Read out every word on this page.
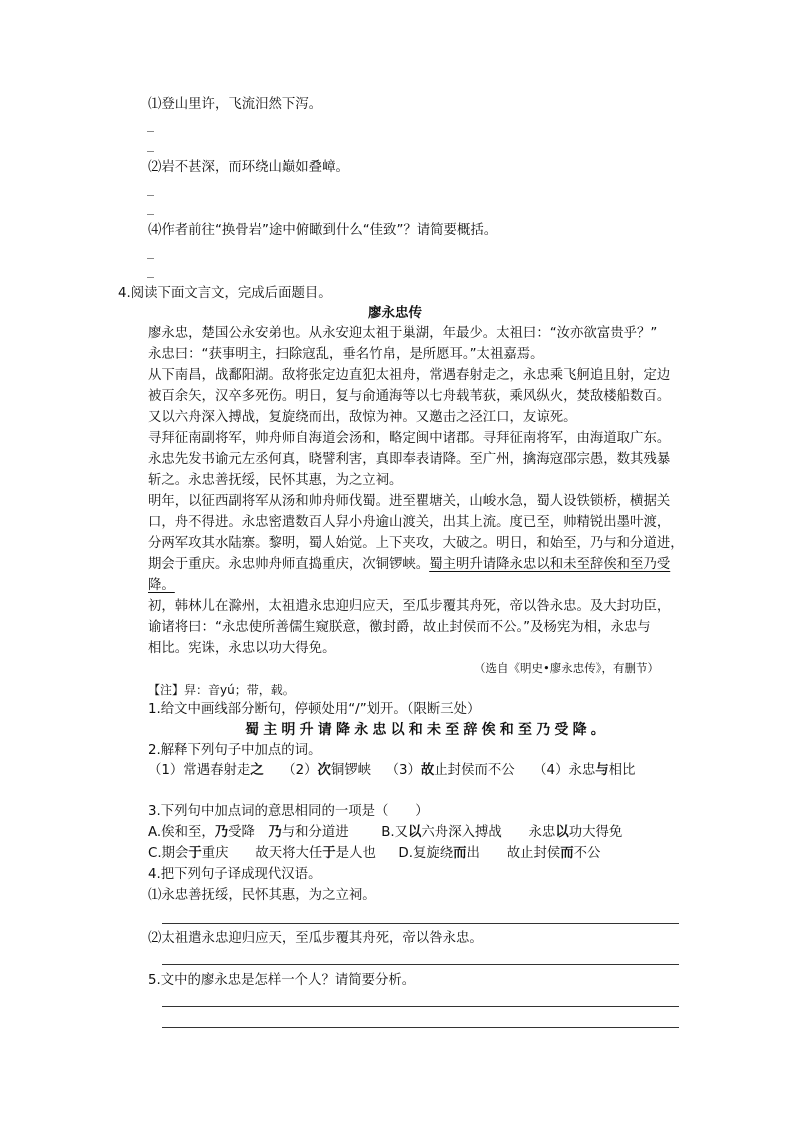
⑴登山里许，飞流汨然下泻。
⑵岩不甚深，而环绕山巅如叠嶂。
⑷作者前往“换骨岩”途中俯瞰到什么“佳致”？请简要概括。
4.阅读下面文言文，完成后面题目。
廖永忠传
廖永忠，楚国公永安弟也。从永安迎太祖于巢湖，年最少。太祖曰：“汝亦欲富贵乎？”
永忠曰：“获事明主，扫除寇乱，垂名竹帛，是所愿耳。”太祖嘉焉。
从下南昌，战鄱阳湖。敌将张定边直犯太祖舟，常遇春射走之，永忠乘飞舸追且射，定边
被百余矢，汉卒多死伤。明日，复与俞通海等以七舟载苇荻，乘风纵火，焚敌楼船数百。
又以六舟深入搏战，复旋绕而出，敌惊为神。又邀击之泾江口，友谅死。
寻拜征南副将军，帅舟师自海道会汤和，略定闽中诸郡。寻拜征南将军，由海道取广东。
永忠先发书谕元左丞何真，晓譬利害，真即奉表请降。至广州，擒海寇邵宗愚，数其残暴
斩之。永忠善抚绥，民怀其惠，为之立祠。
明年，以征西副将军从汤和帅舟师伐蜀。进至瞿塘关，山峻水急，蜀人设铁锁桥，横据关
口，舟不得进。永忠密遣数百人舁小舟逾山渡关，出其上流。度已至，帅精锐出墨叶渡，
分两军攻其水陆寨。黎明，蜀人始觉。上下夹攻，大破之。明日，和始至，乃与和分道进，
期会于重庆。永忠帅舟师直捣重庆，次铜锣峡。蜀主明升请降永忠以和未至辞俟和至乃受
降。
初，韩林儿在滁州，太祖遣永忠迎归应天，至瓜步覆其舟死，帝以咎永忠。及大封功臣，
谕诸将曰：“永忠使所善儒生窥朕意，徼封爵，故止封侯而不公。”及杨宪为相，永忠与
相比。宪诛，永忠以功大得免。
（选自《明史•廖永忠传》，有删节）
【注】舁：音yú；带，载。
1.给文中画线部分断句，停顿处用“/”划开。（限断三处）
蜀主明升请降永忠以和未至辞俟和至乃受降。
2.解释下列句子中加点的词。
（1）常遇春射走之 （2）次铜锣峡 （3）故止封侯而不公 （4）永忠与相比
3.下列句中加点词的意思相同的一项是（　　）
A.俟和至，乃受降　乃与和分道进 B.又以六舟深入搏战　　永忠以功大得免
C.期会于重庆　　故天将大任于是人也 D.复旋绕而出　　故止封侯而不公
4.把下列句子译成现代汉语。
⑴永忠善抚绥，民怀其惠，为之立祠。
⑵太祖遣永忠迎归应天，至瓜步覆其舟死，帝以咎永忠。
5.文中的廖永忠是怎样一个人？请简要分析。
